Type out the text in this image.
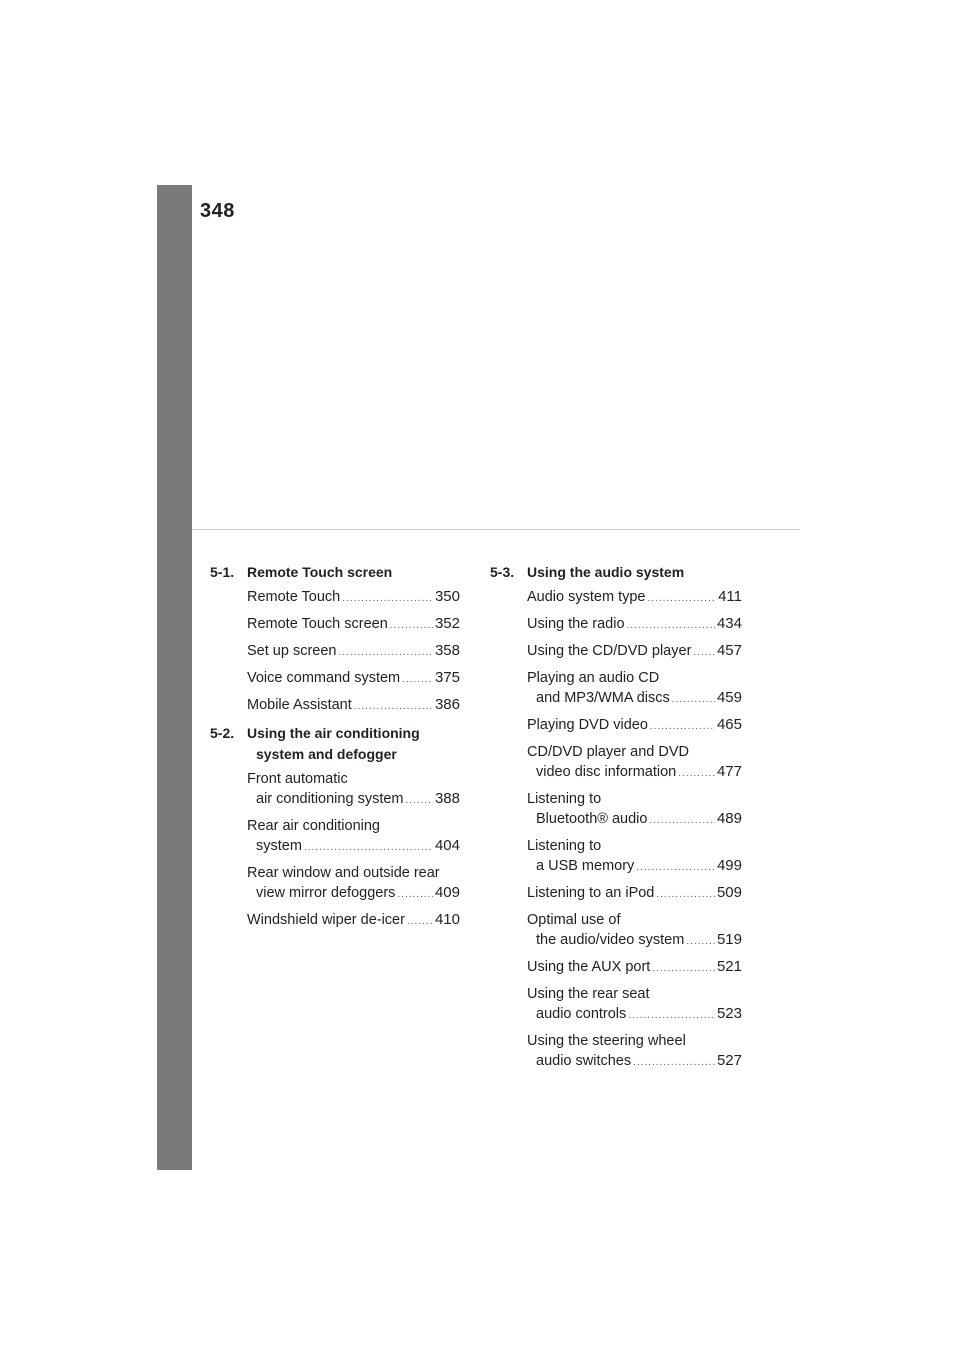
348
5-1. Remote Touch screen
Remote Touch .....	350
Remote Touch screen .....	352
Set up screen .....	358
Voice command system ..... 375
Mobile Assistant .....	386
5-2. Using the air conditioning
system and defogger
Front automatic
air conditioning system ..... 388
Rear air conditioning
system .....	404
Rear window and outside rear
view mirror defoggers .....	409
Windshield wiper de-icer ..... 410
5-3. Using the audio system
Audio system type .....	411
Using the radio .....	434
Using the CD/DVD player ..... 457
Playing an audio CD
and MP3/WMA discs .....	459
Playing DVD video .....	465
CD/DVD player and DVD
video disc information .....	477
Listening to
Bluetooth® audio .....	489
Listening to
a USB memory .....	499
Listening to an iPod .....	509
Optimal use of
the audio/video system ..... 519
Using the AUX port .....	521
Using the rear seat
audio controls .....	523
Using the steering wheel
audio switches .....	527
